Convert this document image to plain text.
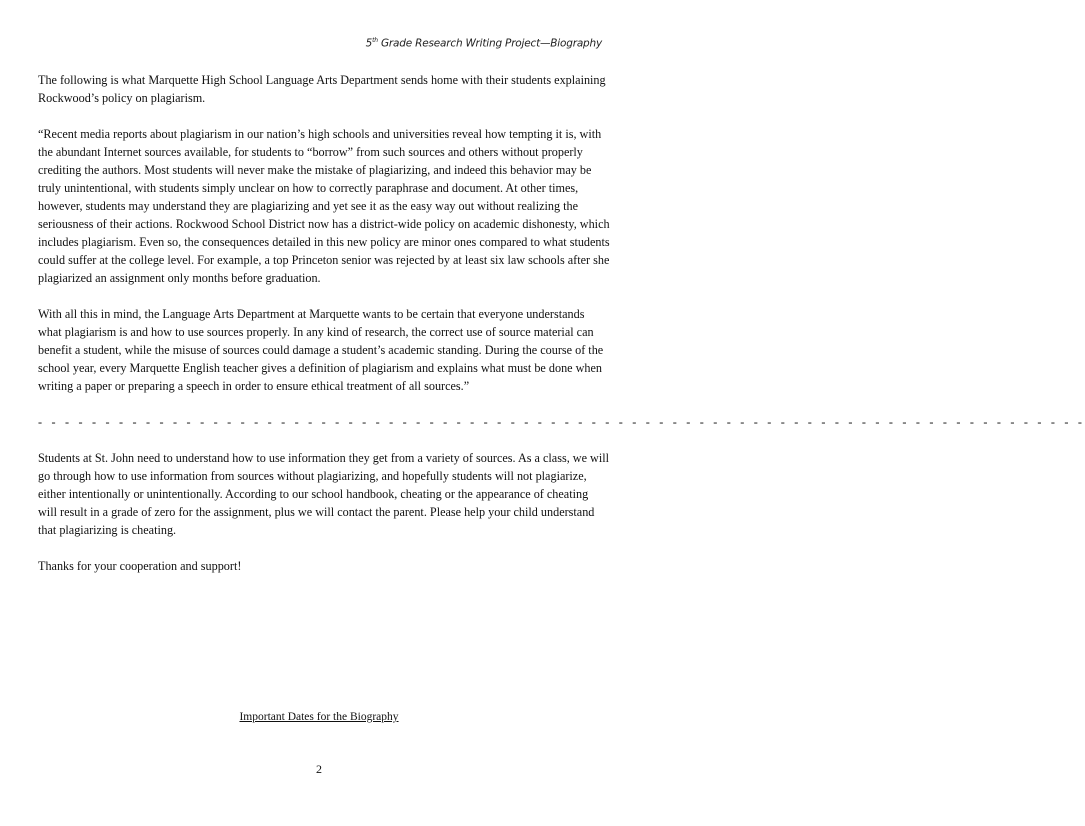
5th Grade Research Writing Project—Biography

The following is what Marquette High School Language Arts Department sends home with their students explaining Rockwood’s policy on plagiarism.

“Recent media reports about plagiarism in our nation’s high schools and universities reveal how tempting it is, with the abundant Internet sources available, for students to “borrow” from such sources and others without properly crediting the authors. Most students will never make the mistake of plagiarizing, and indeed this behavior may be truly unintentional, with students simply unclear on how to correctly paraphrase and document. At other times, however, students may understand they are plagiarizing and yet see it as the easy way out without realizing the seriousness of their actions. Rockwood School District now has a district-wide policy on academic dishonesty, which includes plagiarism. Even so, the consequences detailed in this new policy are minor ones compared to what students could suffer at the college level. For example, a top Princeton senior was rejected by at least six law schools after she plagiarized an assignment only months before graduation.

With all this in mind, the Language Arts Department at Marquette wants to be certain that everyone understands what plagiarism is and how to use sources properly. In any kind of research, the correct use of source material can benefit a student, while the misuse of sources could damage a student’s academic standing. During the course of the school year, every Marquette English teacher gives a definition of plagiarism and explains what must be done when writing a paper or preparing a speech in order to ensure ethical treatment of all sources.”

- - - - - - - - - - - - - - - - - - - - - - - - - - - - - - - - - - - - - - - - - - - - - - - - - - - - - - - - - - - - - - - - - - - - - - - - - - - - - -

Students at St. John need to understand how to use information they get from a variety of sources. As a class, we will go through how to use information from sources without plagiarizing, and hopefully students will not plagiarize, either intentionally or unintentionally. According to our school handbook, cheating or the appearance of cheating will result in a grade of zero for the assignment, plus we will contact the parent. Please help your child understand that plagiarizing is cheating.

Thanks for your cooperation and support!

Important Dates for the Biography
2
